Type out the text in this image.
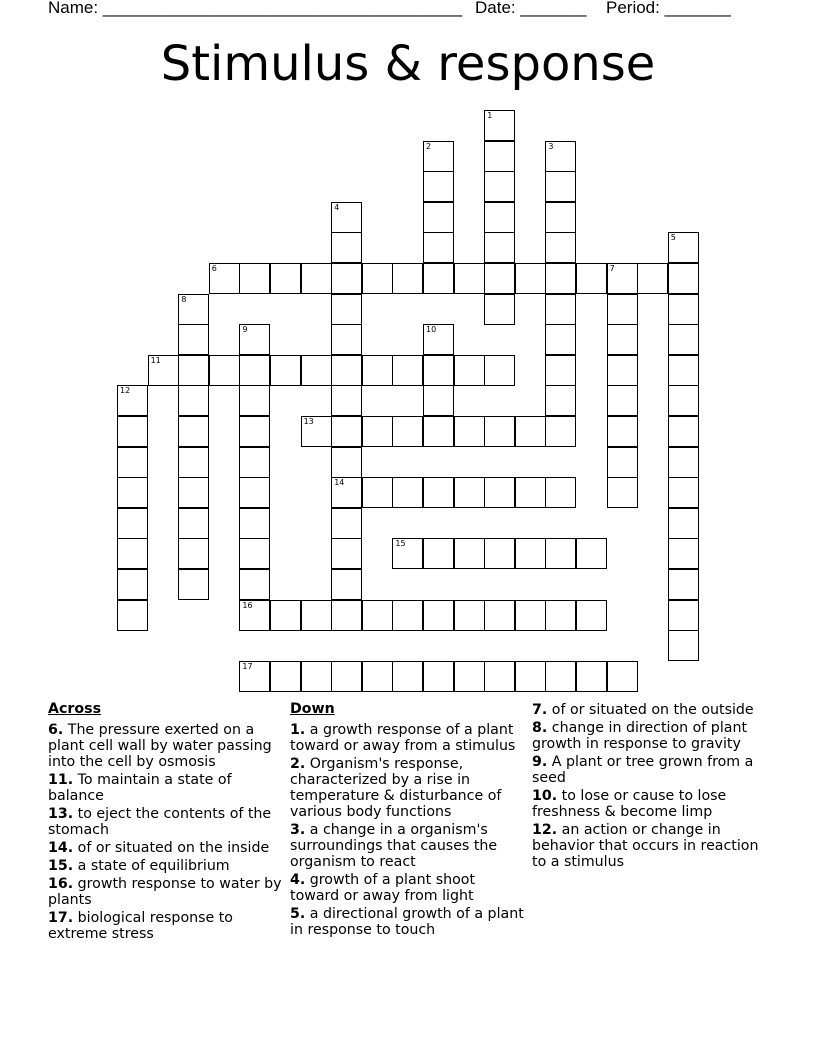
Name: ______________________________________ Date: _______ Period: _______
Stimulus & response
1
2	3
4
14
5
6	7
8
9	10
11
12
13
15
16
17
Across
6. The pressure exerted on a plant cell wall by water passing into the cell by osmosis
11. To maintain a state of balance
13. to eject the contents of the stomach
14. of or situated on the inside
15. a state of equilibrium
16. growth response to water by plants
17. biological response to extreme stress
Down
1. a growth response of a plant toward or away from a stimulus
2. Organism's response, characterized by a rise in temperature & disturbance of various body functions
3. a change in a organism's surroundings that causes the organism to react
4. growth of a plant shoot toward or away from light
5. a directional growth of a plant in response to touch
7. of or situated on the outside
8. change in direction of plant growth in response to gravity
9. A plant or tree grown from a seed
10. to lose or cause to lose freshness & become limp
12. an action or change in behavior that occurs in reaction to a stimulus
